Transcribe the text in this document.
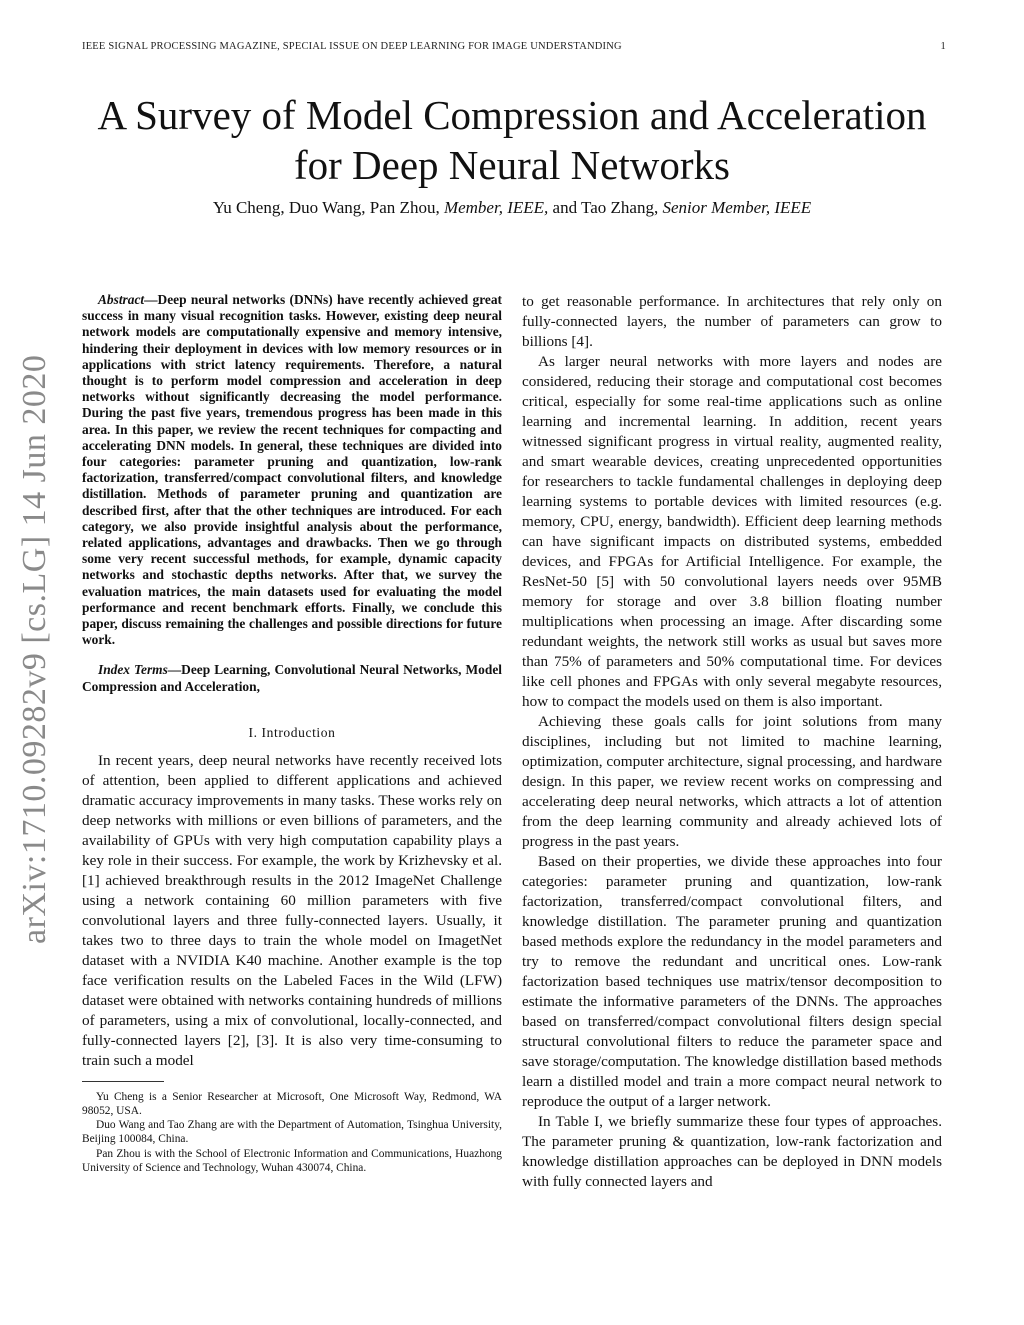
IEEE SIGNAL PROCESSING MAGAZINE, SPECIAL ISSUE ON DEEP LEARNING FOR IMAGE UNDERSTANDING	1
A Survey of Model Compression and Acceleration
for Deep Neural Networks
Yu Cheng, Duo Wang, Pan Zhou, Member, IEEE, and Tao Zhang, Senior Member, IEEE
arXiv:1710.09282v9 [cs.LG] 14 Jun 2020

Abstract—Deep neural networks (DNNs) have recently achieved great success in many visual recognition tasks. However, existing deep neural network models are computationally expensive and memory intensive, hindering their deployment in devices with low memory resources or in applications with strict latency requirements. Therefore, a natural thought is to perform model compression and acceleration in deep networks without significantly decreasing the model performance. During the past five years, tremendous progress has been made in this area. In this paper, we review the recent techniques for compacting and accelerating DNN models. In general, these techniques are divided into four categories: parameter pruning and quantization, low-rank factorization, transferred/compact convolutional filters, and knowledge distillation. Methods of parameter pruning and quantization are described first, after that the other techniques are introduced. For each category, we also provide insightful analysis about the performance, related applications, advantages and drawbacks. Then we go through some very recent successful methods, for example, dynamic capacity networks and stochastic depths networks. After that, we survey the evaluation matrices, the main datasets used for evaluating the model performance and recent benchmark efforts. Finally, we conclude this paper, discuss remaining the challenges and possible directions for future work.

Index Terms—Deep Learning, Convolutional Neural Networks, Model Compression and Acceleration,

I. Introduction

In recent years, deep neural networks have recently received lots of attention, been applied to different applications and achieved dramatic accuracy improvements in many tasks. These works rely on deep networks with millions or even billions of parameters, and the availability of GPUs with very high computation capability plays a key role in their success. For example, the work by Krizhevsky et al. [1] achieved breakthrough results in the 2012 ImageNet Challenge using a network containing 60 million parameters with five convolutional layers and three fully-connected layers. Usually, it takes two to three days to train the whole model on ImagetNet dataset with a NVIDIA K40 machine. Another example is the top face verification results on the Labeled Faces in the Wild (LFW) dataset were obtained with networks containing hundreds of millions of parameters, using a mix of convolutional, locally-connected, and fully-connected layers [2], [3]. It is also very time-consuming to train such a model

Yu Cheng is a Senior Researcher at Microsoft, One Microsoft Way, Redmond, WA 98052, USA.

Duo Wang and Tao Zhang are with the Department of Automation, Tsinghua University, Beijing 100084, China.

Pan Zhou is with the School of Electronic Information and Communications, Huazhong University of Science and Technology, Wuhan 430074, China.

to get reasonable performance. In architectures that rely only on fully-connected layers, the number of parameters can grow to billions [4].

As larger neural networks with more layers and nodes are considered, reducing their storage and computational cost becomes critical, especially for some real-time applications such as online learning and incremental learning. In addition, recent years witnessed significant progress in virtual reality, augmented reality, and smart wearable devices, creating unprecedented opportunities for researchers to tackle fundamental challenges in deploying deep learning systems to portable devices with limited resources (e.g. memory, CPU, energy, bandwidth). Efficient deep learning methods can have significant impacts on distributed systems, embedded devices, and FPGAs for Artificial Intelligence. For example, the ResNet-50 [5] with 50 convolutional layers needs over 95MB memory for storage and over 3.8 billion floating number multiplications when processing an image. After discarding some redundant weights, the network still works as usual but saves more than 75% of parameters and 50% computational time. For devices like cell phones and FPGAs with only several megabyte resources, how to compact the models used on them is also important.

Achieving these goals calls for joint solutions from many disciplines, including but not limited to machine learning, optimization, computer architecture, signal processing, and hardware design. In this paper, we review recent works on compressing and accelerating deep neural networks, which attracts a lot of attention from the deep learning community and already achieved lots of progress in the past years.

Based on their properties, we divide these approaches into four categories: parameter pruning and quantization, low-rank factorization, transferred/compact convolutional filters, and knowledge distillation. The parameter pruning and quantization based methods explore the redundancy in the model parameters and try to remove the redundant and uncritical ones. Low-rank factorization based techniques use matrix/tensor decomposition to estimate the informative parameters of the DNNs. The approaches based on transferred/compact convolutional filters design special structural convolutional filters to reduce the parameter space and save storage/computation. The knowledge distillation based methods learn a distilled model and train a more compact neural network to reproduce the output of a larger network.

In Table I, we briefly summarize these four types of approaches. The parameter pruning & quantization, low-rank factorization and knowledge distillation approaches can be deployed in DNN models with fully connected layers and
